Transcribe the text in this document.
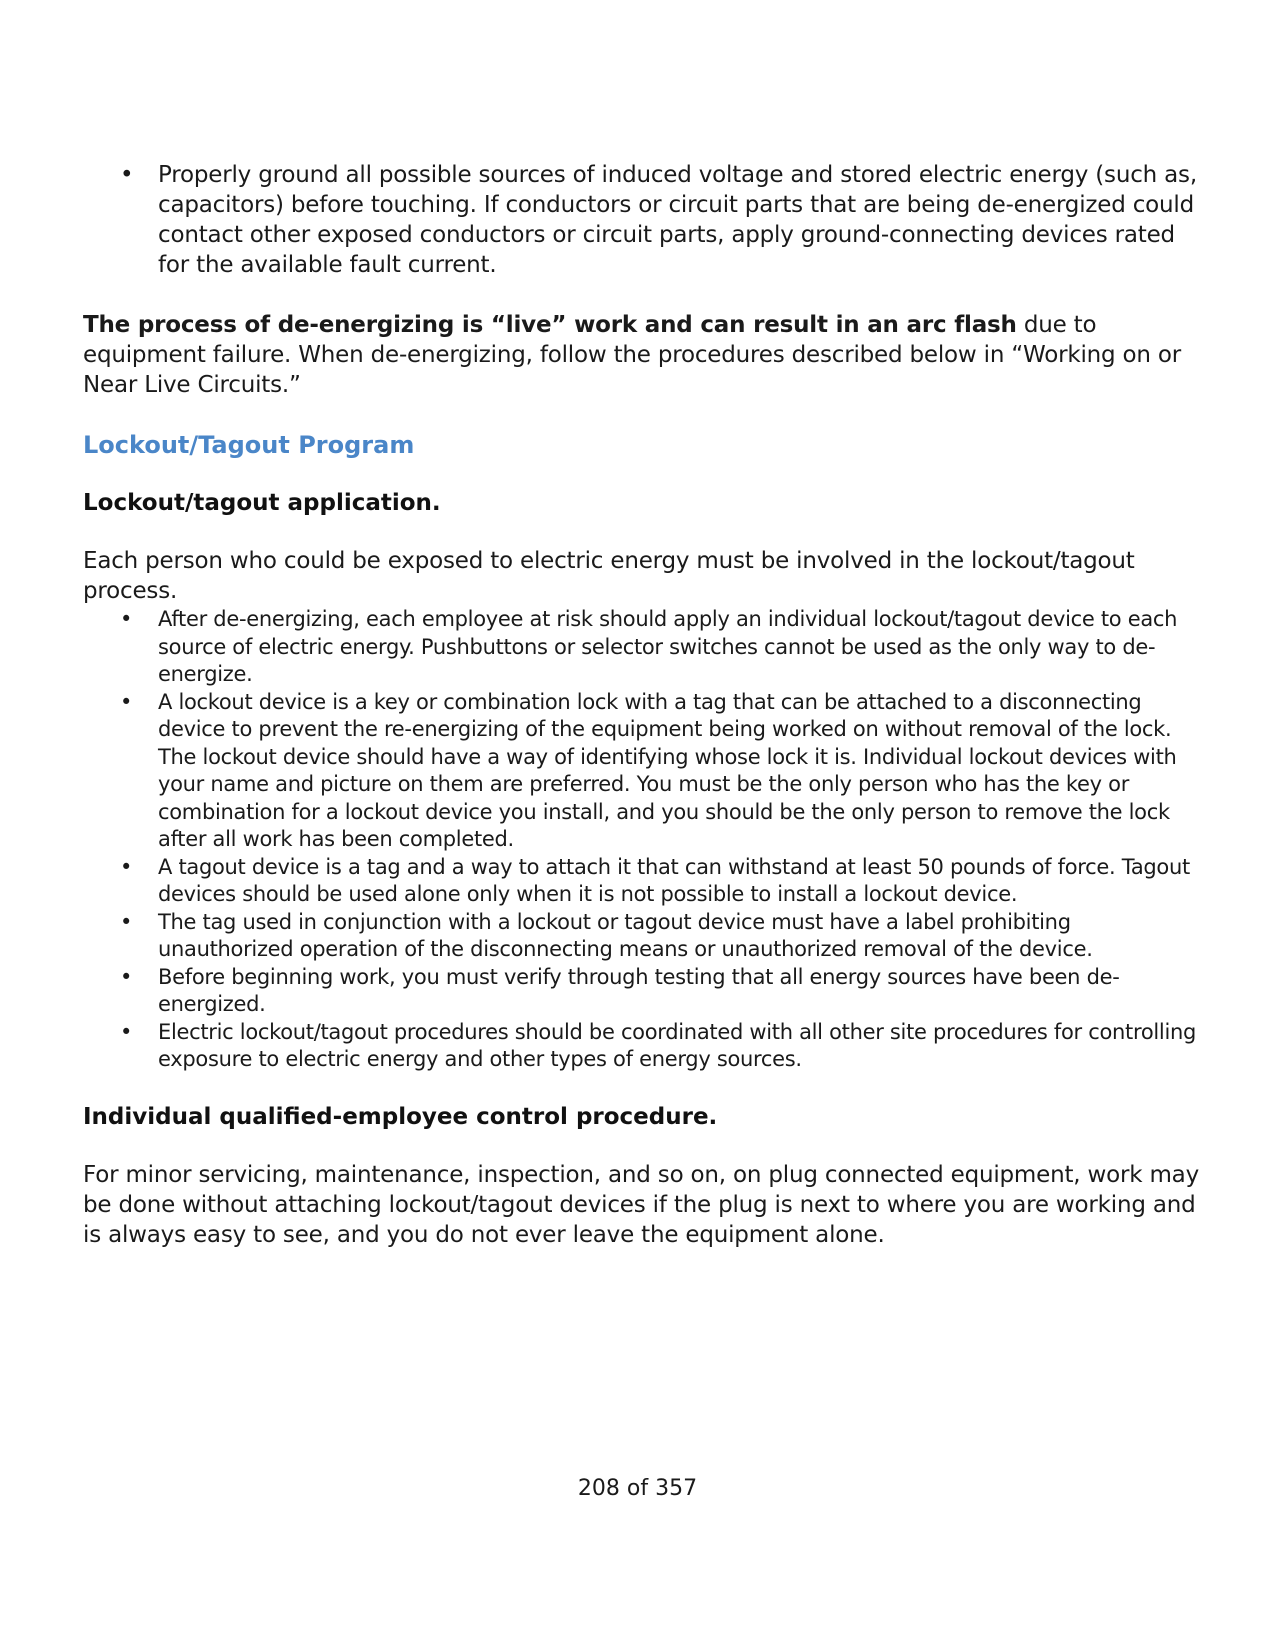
• Properly ground all possible sources of induced voltage and stored electric energy (such as, capacitors) before touching. If conductors or circuit parts that are being de-energized could contact other exposed conductors or circuit parts, apply ground-connecting devices rated for the available fault current.

The process of de-energizing is “live” work and can result in an arc flash due to equipment failure. When de-energizing, follow the procedures described below in “Working on or Near Live Circuits.”

Lockout/Tagout Program
Lockout/tagout application.

Each person who could be exposed to electric energy must be involved in the lockout/tagout process.

• After de-energizing, each employee at risk should apply an individual lockout/tagout device to each source of electric energy. Pushbuttons or selector switches cannot be used as the only way to de-energize.
• A lockout device is a key or combination lock with a tag that can be attached to a disconnecting device to prevent the re-energizing of the equipment being worked on without removal of the lock. The lockout device should have a way of identifying whose lock it is. Individual lockout devices with your name and picture on them are preferred. You must be the only person who has the key or combination for a lockout device you install, and you should be the only person to remove the lock after all work has been completed.
• A tagout device is a tag and a way to attach it that can withstand at least 50 pounds of force. Tagout devices should be used alone only when it is not possible to install a lockout device.
• The tag used in conjunction with a lockout or tagout device must have a label prohibiting unauthorized operation of the disconnecting means or unauthorized removal of the device.
• Before beginning work, you must verify through testing that all energy sources have been de-energized.
• Electric lockout/tagout procedures should be coordinated with all other site procedures for controlling exposure to electric energy and other types of energy sources.
Individual qualified-employee control procedure.

For minor servicing, maintenance, inspection, and so on, on plug connected equipment, work may be done without attaching lockout/tagout devices if the plug is next to where you are working and is always easy to see, and you do not ever leave the equipment alone.

208 of 357
